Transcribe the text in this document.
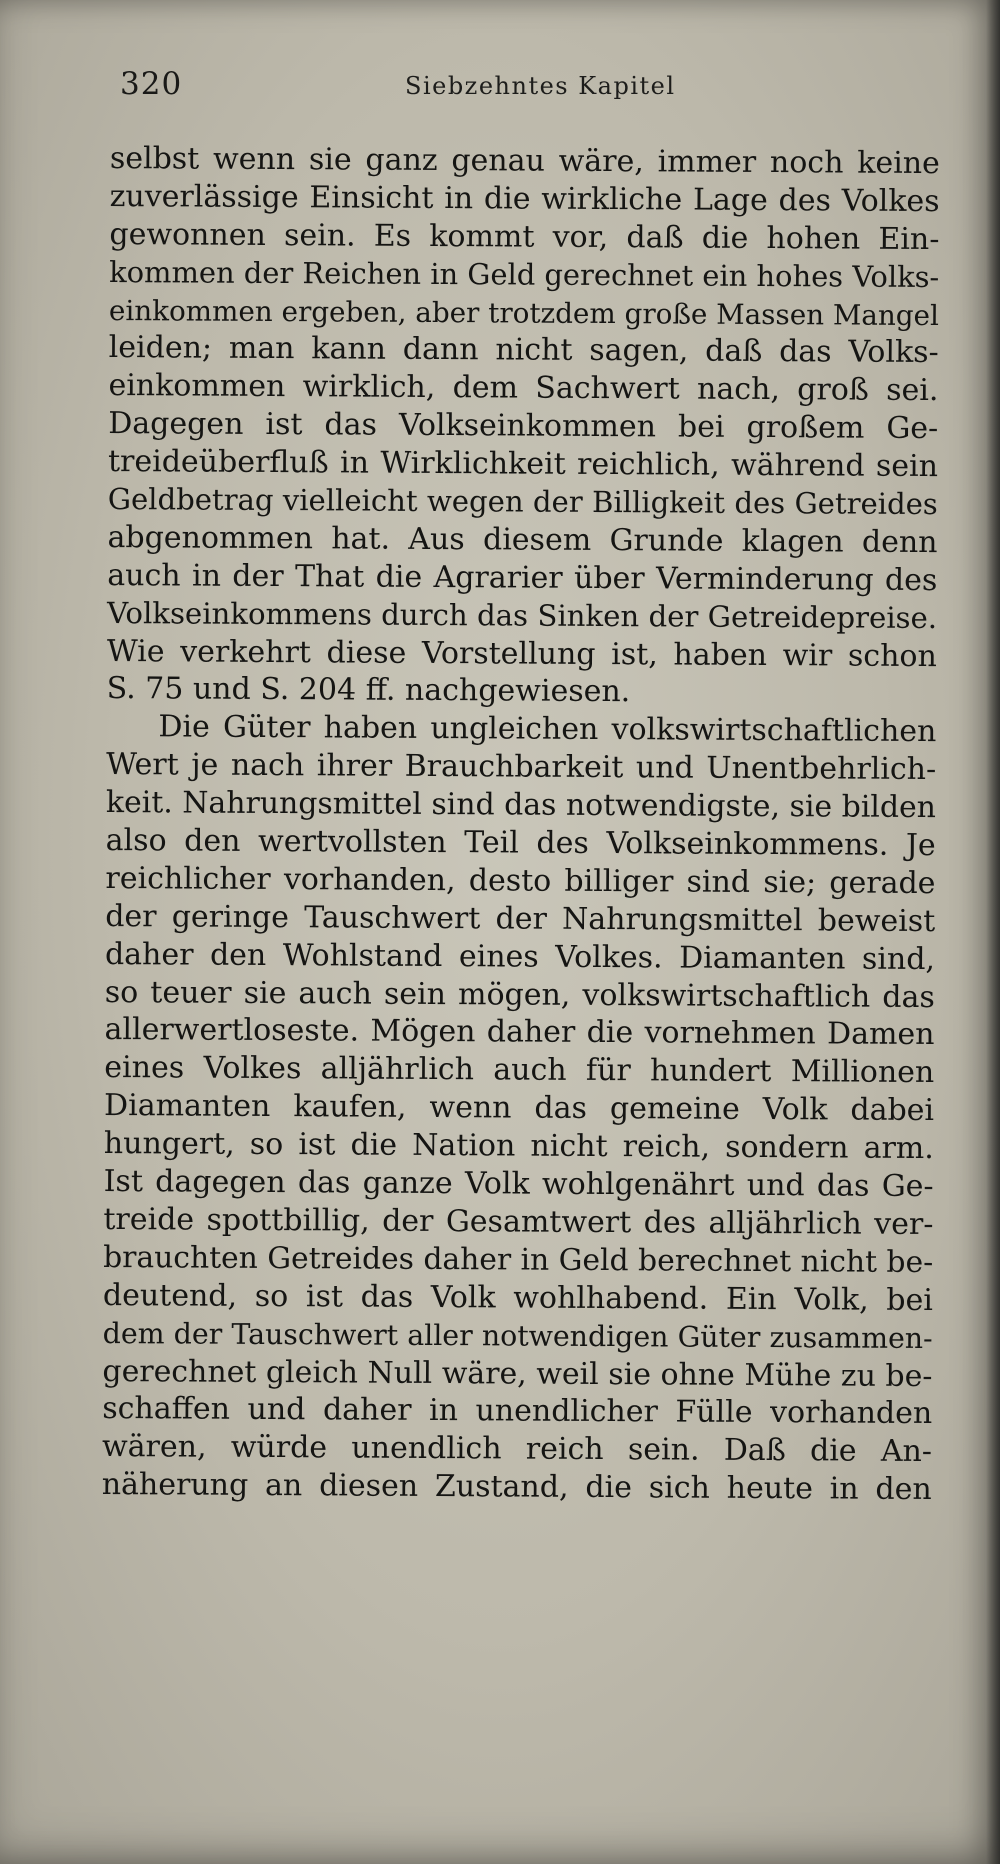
320	Siebzehntes Kapitel
selbst wenn sie ganz genau wäre, immer noch keine
zuverlässige Einsicht in die wirkliche Lage des Volkes
gewonnen sein. Es kommt vor, daß die hohen Ein-
kommen der Reichen in Geld gerechnet ein hohes Volks-
einkommen ergeben, aber trotzdem große Massen Mangel
leiden; man kann dann nicht sagen, daß das Volks-
einkommen wirklich, dem Sachwert nach, groß sei.
Dagegen ist das Volkseinkommen bei großem Ge-
treideüberfluß in Wirklichkeit reichlich, während sein
Geldbetrag vielleicht wegen der Billigkeit des Getreides
abgenommen hat. Aus diesem Grunde klagen denn
auch in der That die Agrarier über Verminderung des
Volkseinkommens durch das Sinken der Getreidepreise.
Wie verkehrt diese Vorstellung ist, haben wir schon
S. 75 und S. 204 ff. nachgewiesen.
Die Güter haben ungleichen volkswirtschaftlichen
Wert je nach ihrer Brauchbarkeit und Unentbehrlich-
keit. Nahrungsmittel sind das notwendigste, sie bilden
also den wertvollsten Teil des Volkseinkommens. Je
reichlicher vorhanden, desto billiger sind sie; gerade
der geringe Tauschwert der Nahrungsmittel beweist
daher den Wohlstand eines Volkes. Diamanten sind,
so teuer sie auch sein mögen, volkswirtschaftlich das
allerwertloseste. Mögen daher die vornehmen Damen
eines Volkes alljährlich auch für hundert Millionen
Diamanten kaufen, wenn das gemeine Volk dabei
hungert, so ist die Nation nicht reich, sondern arm.
Ist dagegen das ganze Volk wohlgenährt und das Ge-
treide spottbillig, der Gesamtwert des alljährlich ver-
brauchten Getreides daher in Geld berechnet nicht be-
deutend, so ist das Volk wohlhabend. Ein Volk, bei
dem der Tauschwert aller notwendigen Güter zusammen-
gerechnet gleich Null wäre, weil sie ohne Mühe zu be-
schaffen und daher in unendlicher Fülle vorhanden
wären, würde unendlich reich sein. Daß die An-
näherung an diesen Zustand, die sich heute in den
